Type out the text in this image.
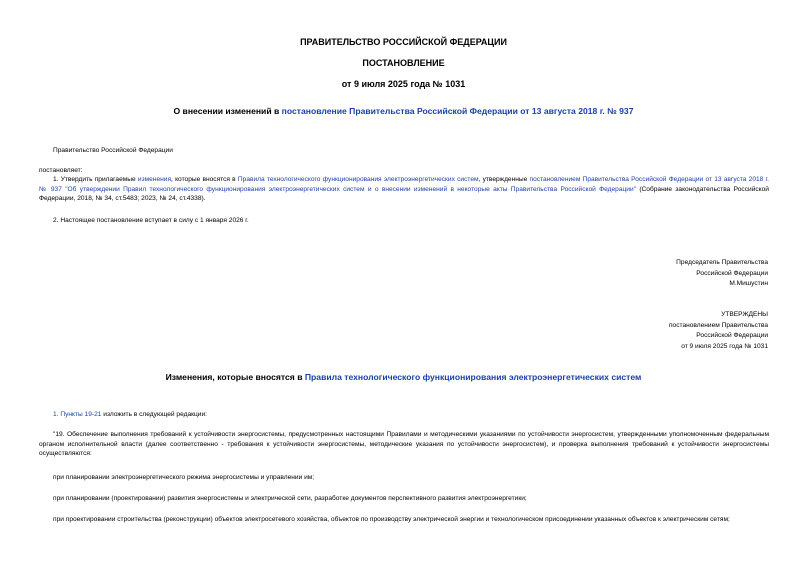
ПРАВИТЕЛЬСТВО РОССИЙСКОЙ ФЕДЕРАЦИИ
ПОСТАНОВЛЕНИЕ
от 9 июля 2025 года № 1031
О внесении изменений в постановление Правительства Российской Федерации от 13 августа 2018 г. № 937
Правительство Российской Федерации
постановляет:
1. Утвердить прилагаемые изменения, которые вносятся в Правила технологического функционирования электроэнергетических систем, утвержденные постановлением Правительства Российской Федерации от 13 августа 2018 г. № 937 "Об утверждении Правил технологического функционирования электроэнергетических систем и о внесении изменений в некоторые акты Правительства Российской Федерации" (Собрание законодательства Российской Федерации, 2018, № 34, ст.5483; 2023, № 24, ст.4338).
2. Настоящее постановление вступает в силу с 1 января 2026 г.
Председатель Правительства
Российской Федерации
М.Мишустин
УТВЕРЖДЕНЫ
постановлением Правительства
Российской Федерации
от 9 июля 2025 года № 1031
Изменения, которые вносятся в Правила технологического функционирования электроэнергетических систем
1. Пункты 19-21 изложить в следующей редакции:
"19. Обеспечение выполнения требований к устойчивости энергосистемы, предусмотренных настоящими Правилами и методическими указаниями по устойчивости энергосистем, утвержденными уполномоченным федеральным органом исполнительной власти (далее соответственно - требования к устойчивости энергосистемы, методические указания по устойчивости энергосистем), и проверка выполнения требований к устойчивости энергосистемы осуществляются:
при планировании электроэнергетического режима энергосистемы и управлении им;
при планировании (проектировании) развития энергосистемы и электрической сети, разработке документов перспективного развития электроэнергетики;
при проектировании строительства (реконструкции) объектов электросетевого хозяйства, объектов по производству электрической энергии и технологическом присоединении указанных объектов к электрическим сетям;
